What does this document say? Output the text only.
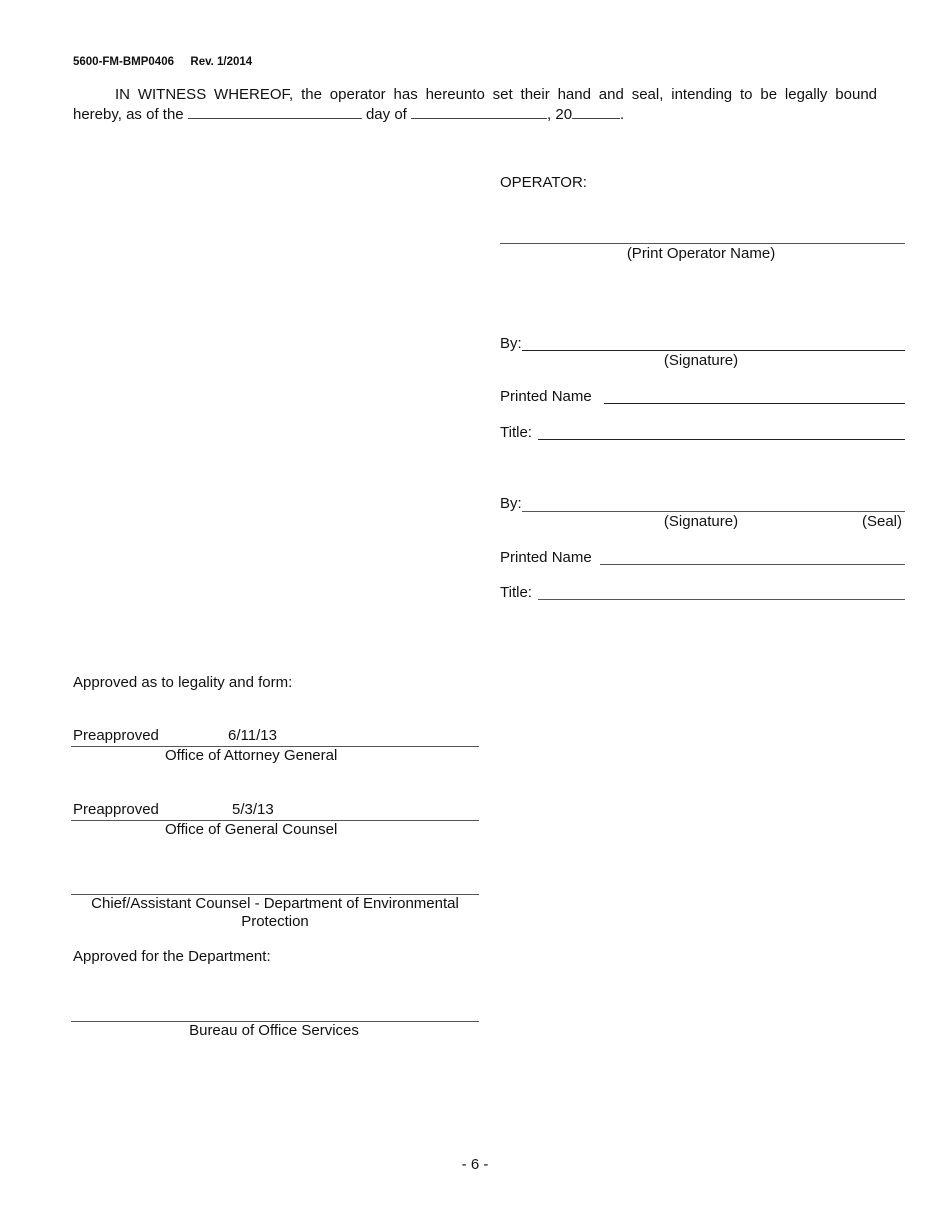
5600-FM-BMP0406 Rev. 1/2014
IN WITNESS WHEREOF, the operator has hereunto set their hand and seal, intending to be legally bound
hereby, as of the	day of	, 20	.
OPERATOR:
(Print Operator Name)
By:
(Signature)
Printed Name
Title:
By:
(Signature)	(Seal)
Printed Name
Title:
Approved as to legality and form:
Preapproved	6/11/13
Office of Attorney General
Preapproved	5/3/13
Office of General Counsel
Chief/Assistant Counsel - Department of Environmental
Protection
Approved for the Department:
Bureau of Office Services
- 6 -
